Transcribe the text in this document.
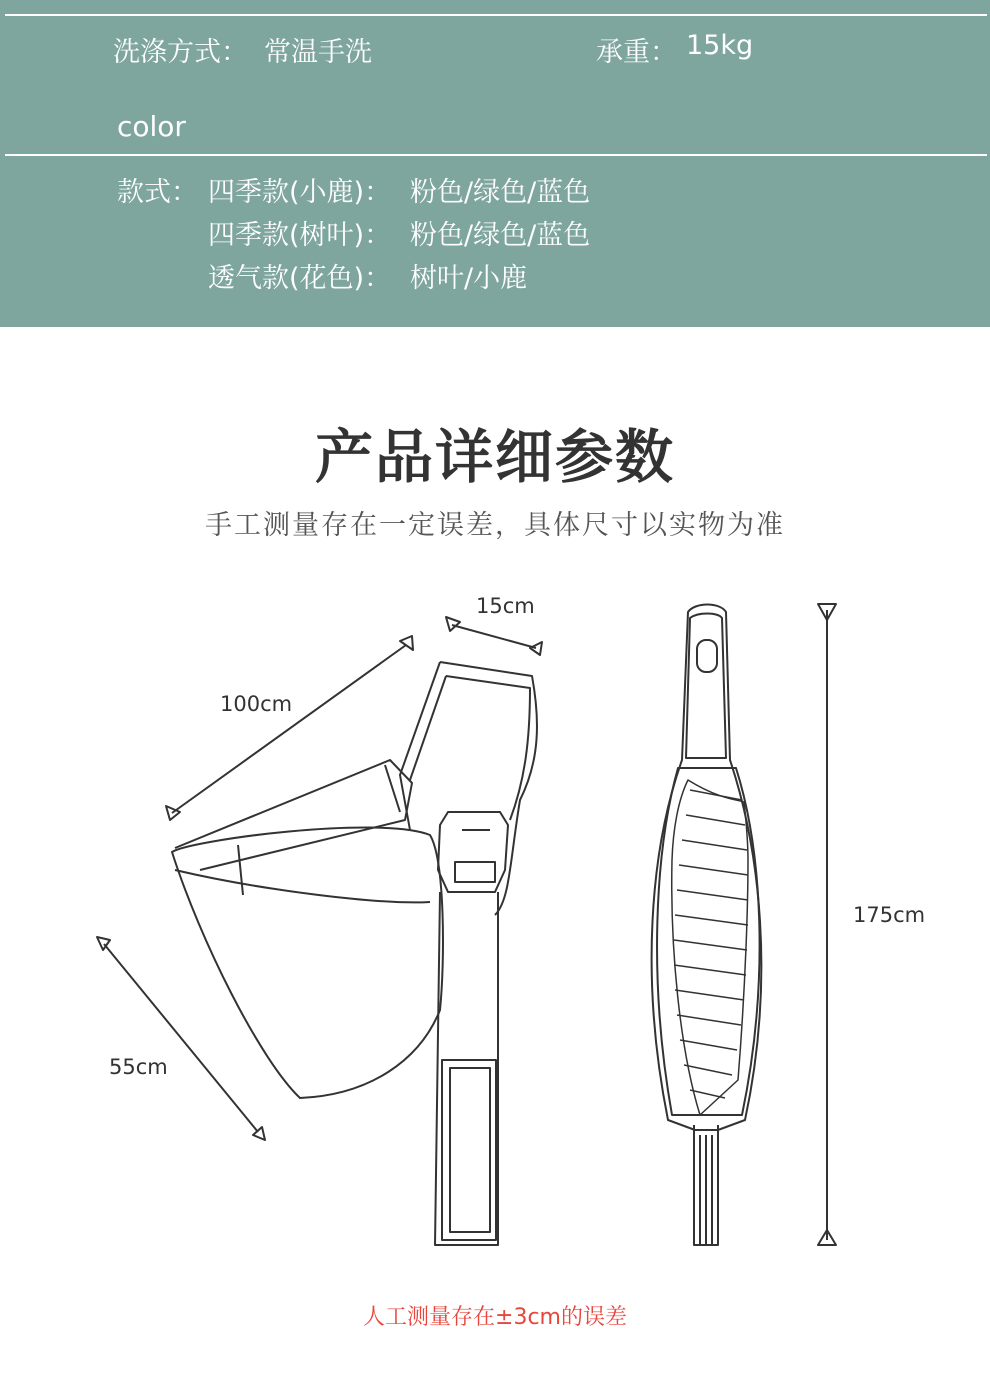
洗涤方式： 常温手洗	承重： 15kg
color
款式： 四季款(小鹿)： 粉色/绿色/蓝色
四季款(树叶)： 粉色/绿色/蓝色
透气款(花色)： 树叶/小鹿
产品详细参数
手工测量存在一定误差，具体尺寸以实物为准
15cm
100cm
55cm
175cm
人工测量存在±3cm的误差
